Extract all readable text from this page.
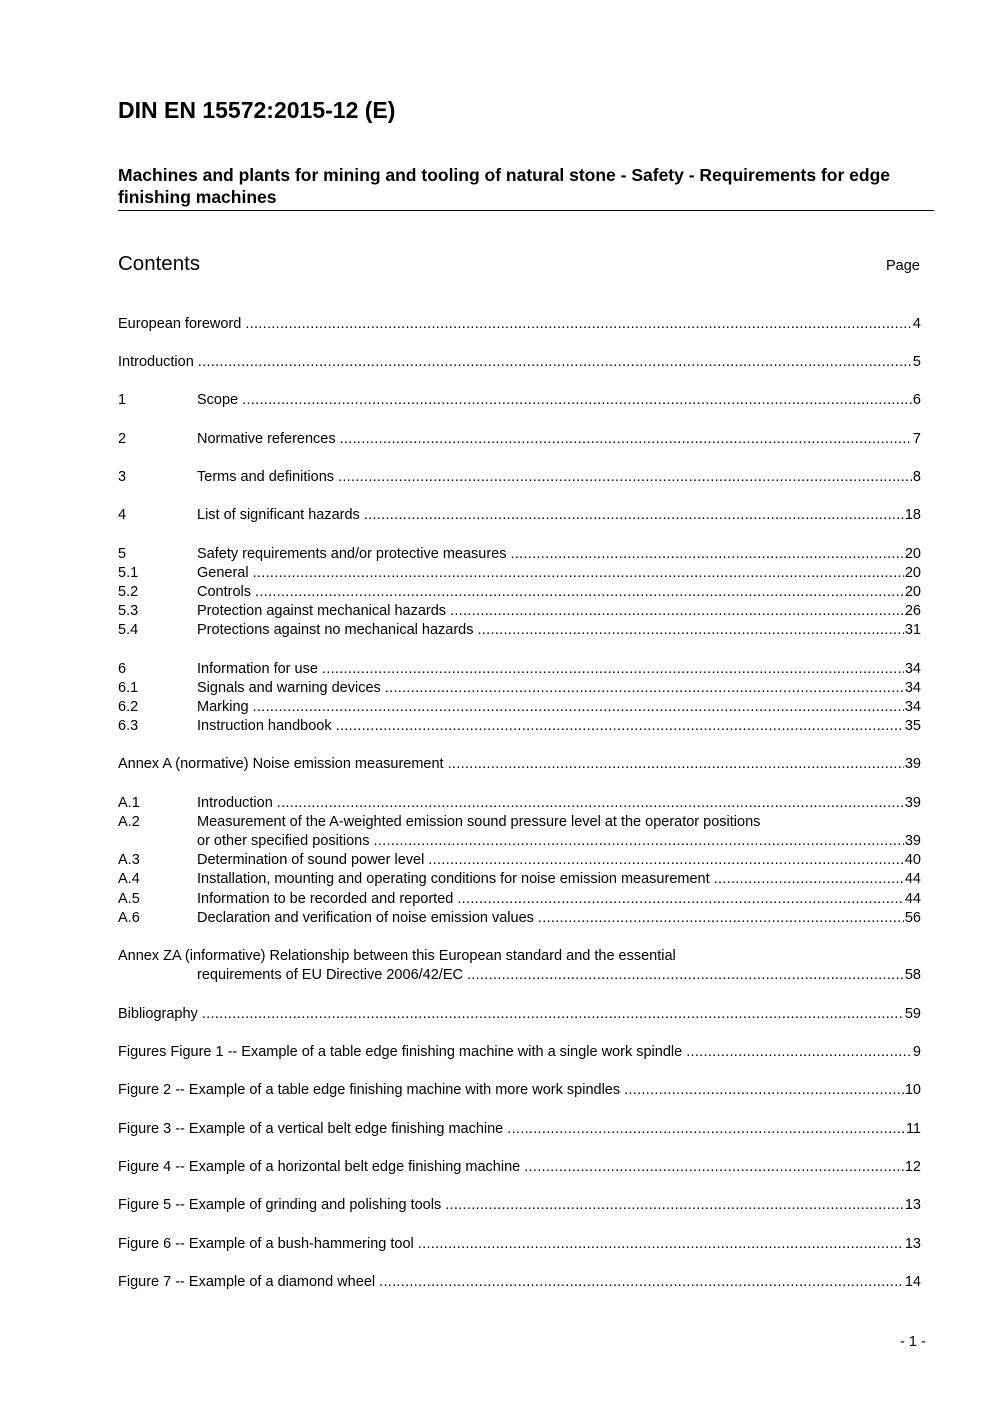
DIN EN 15572:2015-12 (E)
Machines and plants for mining and tooling of natural stone - Safety - Requirements for edge finishing machines
Contents	Page
European foreword .....	4
Introduction .....	5
1	Scope .....	6
2	Normative references .....	7
3	Terms and definitions .....	8
4	List of significant hazards .....	18
5	Safety requirements and/or protective measures .....	20
5.1	General .....	20
5.2	Controls .....	20
5.3	Protection against mechanical hazards .....	26
5.4	Protections against no mechanical hazards .....	31
6	Information for use .....	34
6.1	Signals and warning devices .....	34
6.2	Marking .....	34
6.3	Instruction handbook .....	35
Annex A (normative) Noise emission measurement .....	39
A.1	Introduction .....	39
A.2	Measurement of the A-weighted emission sound pressure level at the operator positions
or other specified positions .....	39
A.3	Determination of sound power level .....	40
A.4	Installation, mounting and operating conditions for noise emission measurement .....	44
A.5	Information to be recorded and reported .....	44
A.6	Declaration and verification of noise emission values .....	56
Annex ZA (informative) Relationship between this European standard and the essential
requirements of EU Directive 2006/42/EC .....	58
Bibliography .....	59
Figures Figure 1 -- Example of a table edge finishing machine with a single work spindle .....	9
Figure 2 -- Example of a table edge finishing machine with more work spindles .....	10
Figure 3 -- Example of a vertical belt edge finishing machine .....	11
Figure 4 -- Example of a horizontal belt edge finishing machine .....	12
Figure 5 -- Example of grinding and polishing tools .....	13
Figure 6 -- Example of a bush-hammering tool .....	13
Figure 7 -- Example of a diamond wheel .....	14
- 1 -
